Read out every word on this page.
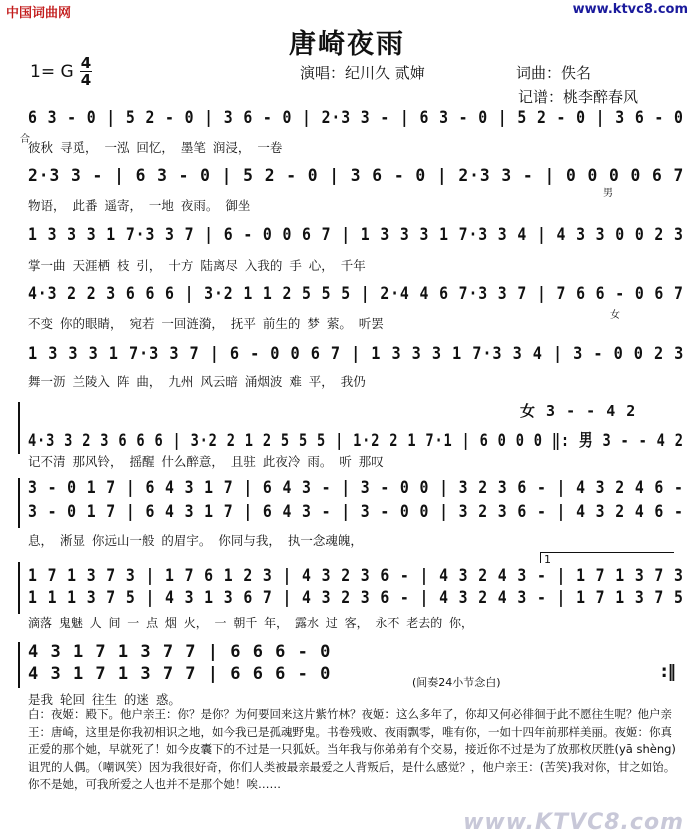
中国词曲网	www.ktvc8.com
唐崎夜雨
1= G 4
4	演唱：纪川久 贰婶	词曲：佚名
记谱：桃李醉春风
合
6 3 - 0 | 5 2 - 0 | 3 6 - 0 | 2·3 3 - | 6 3 - 0 | 5 2 - 0 | 3 6 - 0
彼秋 寻觅， 一泓 回忆， 墨笔 润浸， 一卷
男
2·3 3 - | 6 3 - 0 | 5 2 - 0 | 3 6 - 0 | 2·3 3 - | 0 0 0 0 6 7
物语， 此番 遥寄， 一地 夜雨。 御坐
1 3 3 3 1 7·3 3 7 | 6 - 0 0 6 7 | 1 3 3 3 1 7·3 3 4 | 4 3 3 0 0 2 3
掌一曲 天涯栖 枝 引， 十方 陆离尽 入我的 手 心， 千年
女
4·3 2 2 3 6 6 6 | 3·2 1 1 2 5 5 5 | 2·4 4 6 7·3 3 7 | 7 6 6 - 0 6 7
不变 你的眼睛， 宛若 一回涟漪， 抚平 前生的 梦 萦。 听罢
1 3 3 3 1 7·3 3 7 | 6 - 0 0 6 7 | 1 3 3 3 1 7·3 3 4 | 3 - 0 0 2 3
舞一沥 兰陵入 阵 曲， 九州 风云暗 涌烟波 难 平， 我仍
女 3 - - 4 2
4·3 3 2 3 6 6 6 | 3·2 2 1 2 5 5 5 | 1·2 2 1 7·1 | 6 0 0 0 ‖: 男 3 - - 4 2
记不清 那风铃， 摇醒 什么醉意， 且驻 此夜冷 雨。 听 那叹
3 - 0 1 7 | 6 4 3 1 7 | 6 4 3 - | 3 - 0 0 | 3 2 3 6 - | 4 3 2 4 6 -
3 - 0 1 7 | 6 4 3 1 7 | 6 4 3 - | 3 - 0 0 | 3 2 3 6 - | 4 3 2 4 6 -
息， 淅显 你远山一般 的眉宇。 你同与我， 执一念魂魄，
1
1 7 1 3 7 3 | 1 7 6 1 2 3 | 4 3 2 3 6 - | 4 3 2 4 3 - | 1 7 1 3 7 3
1 1 1 3 7 5 | 4 3 1 3 6 7 | 4 3 2 3 6 - | 4 3 2 4 3 - | 1 7 1 3 7 5
滴落 鬼魅 人 间 一 点 烟 火， 一 朝千 年， 露水 过 客， 永不 老去的 你，
4 3 1 7 1 3 7 7 | 6 6 6 - 0
4 3 1 7 1 3 7 7 | 6 6 6 - 0
是我 轮回 往生 的迷 惑。
(间奏24小节念白)
:‖
白：夜姬：殿下。他户亲王：你？是你？为何要回来这片紫竹林？夜姬：这么多年了，你却又何必徘徊于此不愿往生呢？他户亲王：唐崎，这里是你我初相识之地，如今我已是孤魂野鬼。书卷残败、夜雨飘零，唯有你，一如十四年前那样美丽。夜姬：你真正爱的那个她，早就死了！如今皮囊下的不过是一只狐妖。当年我与你弟弟有个交易，接近你不过是为了放那枚厌胜(yā shèng)诅咒的人偶。（嘲讽笑）因为我很好奇，你们人类被最亲最爱之人背叛后，是什么感觉？，他户亲王：(苦笑)我对你，甘之如饴。你不是她，可我所爱之人也并不是那个她！唉……
www.KTVC8.com
